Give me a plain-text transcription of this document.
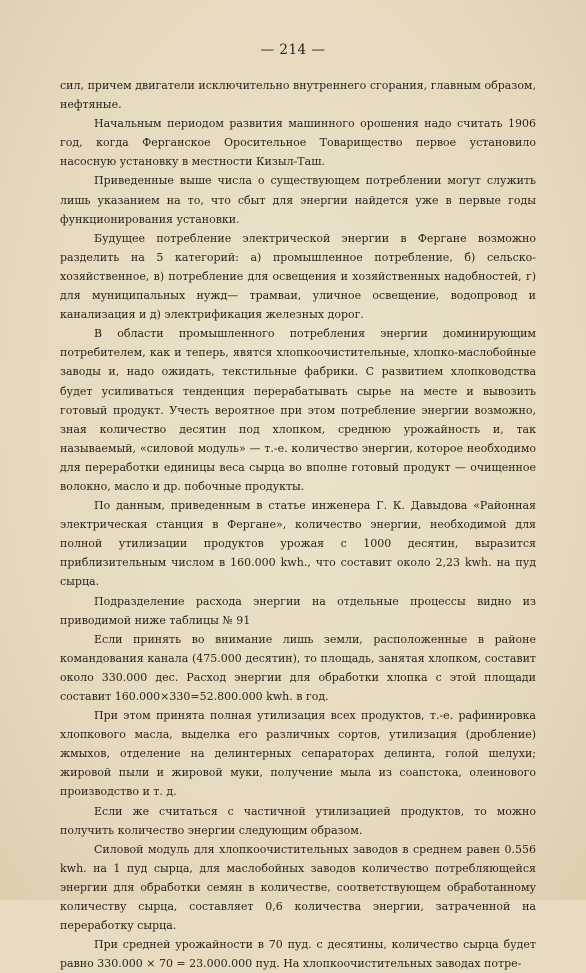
— 214 —

сил, причем двигатели исключительно внутреннего сгорания, главным образом, нефтяные.

Начальным периодом развития машинного орошения надо считать 1906 год, когда Ферганское Оросительное Товарищество первое установило насосную установку в местности Кизыл-Таш.

Приведенные выше числа о существующем потреблении могут служить лишь указанием на то, что сбыт для энергии найдется уже в первые годы функционирования установки.

Будущее потребление электрической энергии в Фергане возможно разделить на 5 категорий: а) промышленное потребление, б) сельско-хозяйственное, в) потребление для освещения и хозяйственных надобностей, г) для муниципальных нужд— трамваи, уличное освещение, водопровод и канализация и д) электрификация железных дорог.

В области промышленного потребления энергии доминирующим потребителем, как и теперь, явятся хлопкоочистительные, хлопко-маслобойные заводы и, надо ожидать, текстильные фабрики. С развитием хлопководства будет усиливаться тенденция перерабатывать сырье на месте и вывозить готовый продукт. Учесть вероятное при этом потребление энергии возможно, зная количество десятин под хлопком, среднюю урожайность и, так называемый, «силовой модуль» — т.-е. количество энергии, которое необходимо для переработки единицы веса сырца во вполне готовый продукт — очищенное волокно, масло и др. побочные продукты.

По данным, приведенным в статье инженера Г. К. Давыдова «Районная электрическая станция в Фергане», количество энергии, необходимой для полной утилизации продуктов урожая с 1000 десятин, выразится приблизительным числом в 160.000 kwh., что составит около 2,23 kwh. на пуд сырца.

Подразделение расхода энергии на отдельные процессы видно из приводимой ниже таблицы № 91

Если принять во внимание лишь земли, расположенные в районе командования канала (475.000 десятин), то площадь, занятая хлопком, составит около 330.000 дес. Расход энергии для обработки хлопка с этой площади составит 160.000×330=52.800.000 kwh. в год.

При этом принята полная утилизация всех продуктов, т.-е. рафинировка хлопкового масла, выделка его различных сортов, утилизация (дробление) жмыхов, отделение на делинтерных сепараторах делинта, голой шелухи; жировой пыли и жировой муки, получение мыла из соапстока, олеинового производство и т. д.

Если же считаться с частичной утилизацией продуктов, то можно получить количество энергии следующим образом.

Силовой модуль для хлопкоочистительных заводов в среднем равен 0.556 kwh. на 1 пуд сырца, для маслобойных заводов количество потребляющейся энергии для обработки семян в количестве, соответствующем обработанному количеству сырца, составляет 0,6 количества энергии, затраченной на переработку сырца.

При средней урожайности в 70 пуд. с десятины, количество сырца будет равно 330.000 × 70 = 23.000.000 пуд. На хлопкоочистительных заводах потре-
